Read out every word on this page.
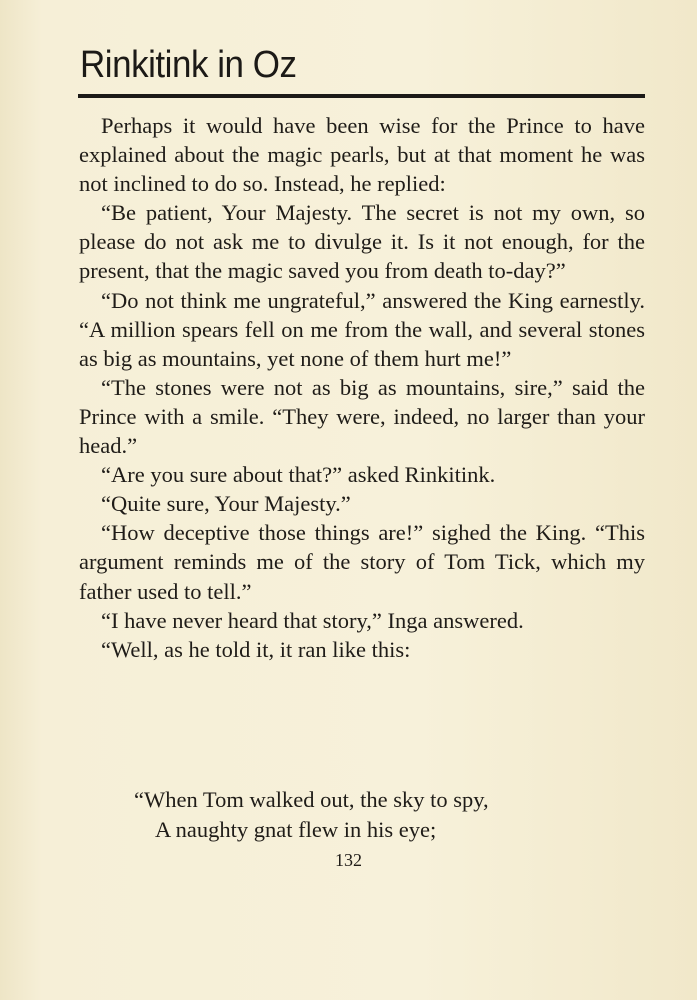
Rinkitink in Oz

Perhaps it would have been wise for the Prince to have explained about the magic pearls, but at that moment he was not inclined to do so. Instead, he replied:

“Be patient, Your Majesty. The secret is not my own, so please do not ask me to divulge it. Is it not enough, for the present, that the magic saved you from death to-day?”

“Do not think me ungrateful,” answered the King earnestly. “A million spears fell on me from the wall, and several stones as big as mountains, yet none of them hurt me!”

“The stones were not as big as mountains, sire,” said the Prince with a smile. “They were, indeed, no larger than your head.”

“Are you sure about that?” asked Rinkitink.

“Quite sure, Your Majesty.”

“How deceptive those things are!” sighed the King. “This argument reminds me of the story of Tom Tick, which my father used to tell.”

“I have never heard that story,” Inga answered.

“Well, as he told it, it ran like this:

“When Tom walked out, the sky to spy,
A naughty gnat flew in his eye;
132
